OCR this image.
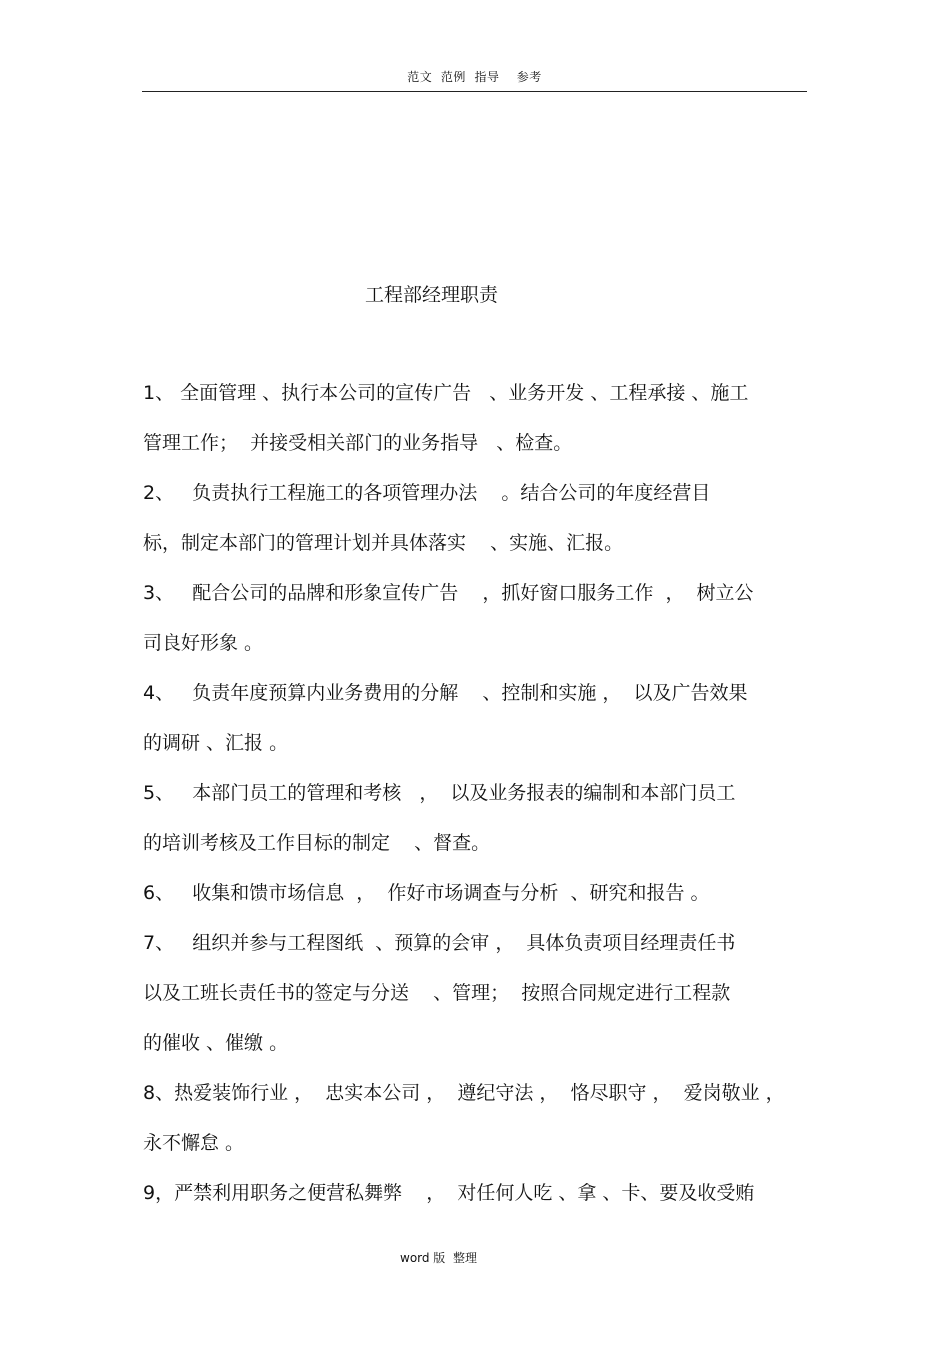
范文  范例  指导    参考
工程部经理职责
1、 全面管理 、执行本公司的宣传广告   、业务开发 、工程承接 、施工
管理工作；  并接受相关部门的业务指导   、检查。
2、   负责执行工程施工的各项管理办法    。结合公司的年度经营目
标，制定本部门的管理计划并具体落实    、实施、汇报。
3、   配合公司的品牌和形象宣传广告    ，抓好窗口服务工作  ，  树立公
司良好形象 。
4、   负责年度预算内业务费用的分解    、控制和实施 ，  以及广告效果
的调研 、汇报 。
5、   本部门员工的管理和考核   ，  以及业务报表的编制和本部门员工
的培训考核及工作目标的制定    、督查。
6、   收集和馈市场信息  ，  作好市场调查与分析  、研究和报告 。
7、   组织并参与工程图纸  、预算的会审 ，  具体负责项目经理责任书
以及工班长责任书的签定与分送    、管理；  按照合同规定进行工程款
的催收 、催缴 。
8、热爱装饰行业 ，  忠实本公司 ，  遵纪守法 ，  恪尽职守 ，  爱岗敬业 ，
永不懈怠 。
9，严禁利用职务之便营私舞弊    ，  对任何人吃 、拿 、卡、要及收受贿
word 版  整理
